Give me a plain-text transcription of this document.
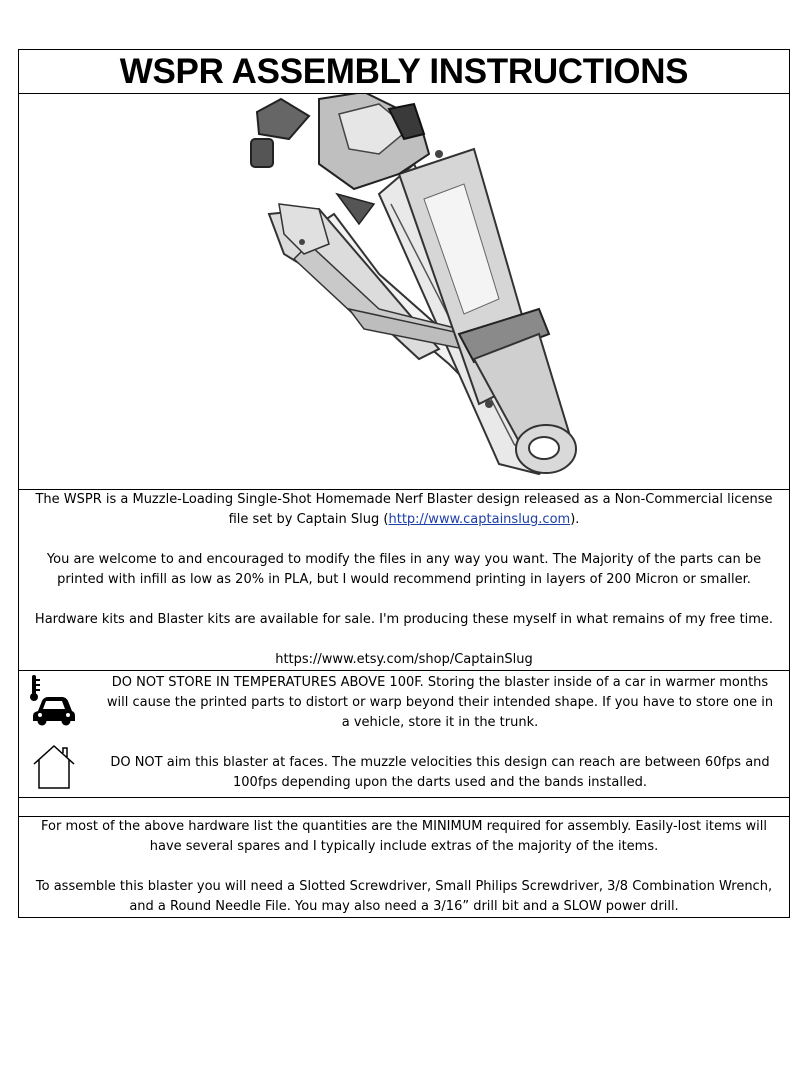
WSPR ASSEMBLY INSTRUCTIONS

The WSPR is a Muzzle-Loading Single-Shot Homemade Nerf Blaster design released as a Non-Commercial license file set by Captain Slug (http://www.captainslug.com).

You are welcome to and encouraged to modify the files in any way you want. The Majority of the parts can be printed with infill as low as 20% in PLA, but I would recommend printing in layers of 200 Micron or smaller.

Hardware kits and Blaster kits are available for sale. I'm producing these myself in what remains of my free time.

https://www.etsy.com/shop/CaptainSlug

DO NOT STORE IN TEMPERATURES ABOVE 100F. Storing the blaster inside of a car in warmer months will cause the printed parts to distort or warp beyond their intended shape. If you have to store one in a vehicle, store it in the trunk.

DO NOT aim this blaster at faces. The muzzle velocities this design can reach are between 60fps and 100fps depending upon the darts used and the bands installed.

For most of the above hardware list the quantities are the MINIMUM required for assembly. Easily-lost items will have several spares and I typically include extras of the majority of the items.

To assemble this blaster you will need a Slotted Screwdriver, Small Philips Screwdriver, 3/8 Combination Wrench, and a Round Needle File. You may also need a 3/16” drill bit and a SLOW power drill.
